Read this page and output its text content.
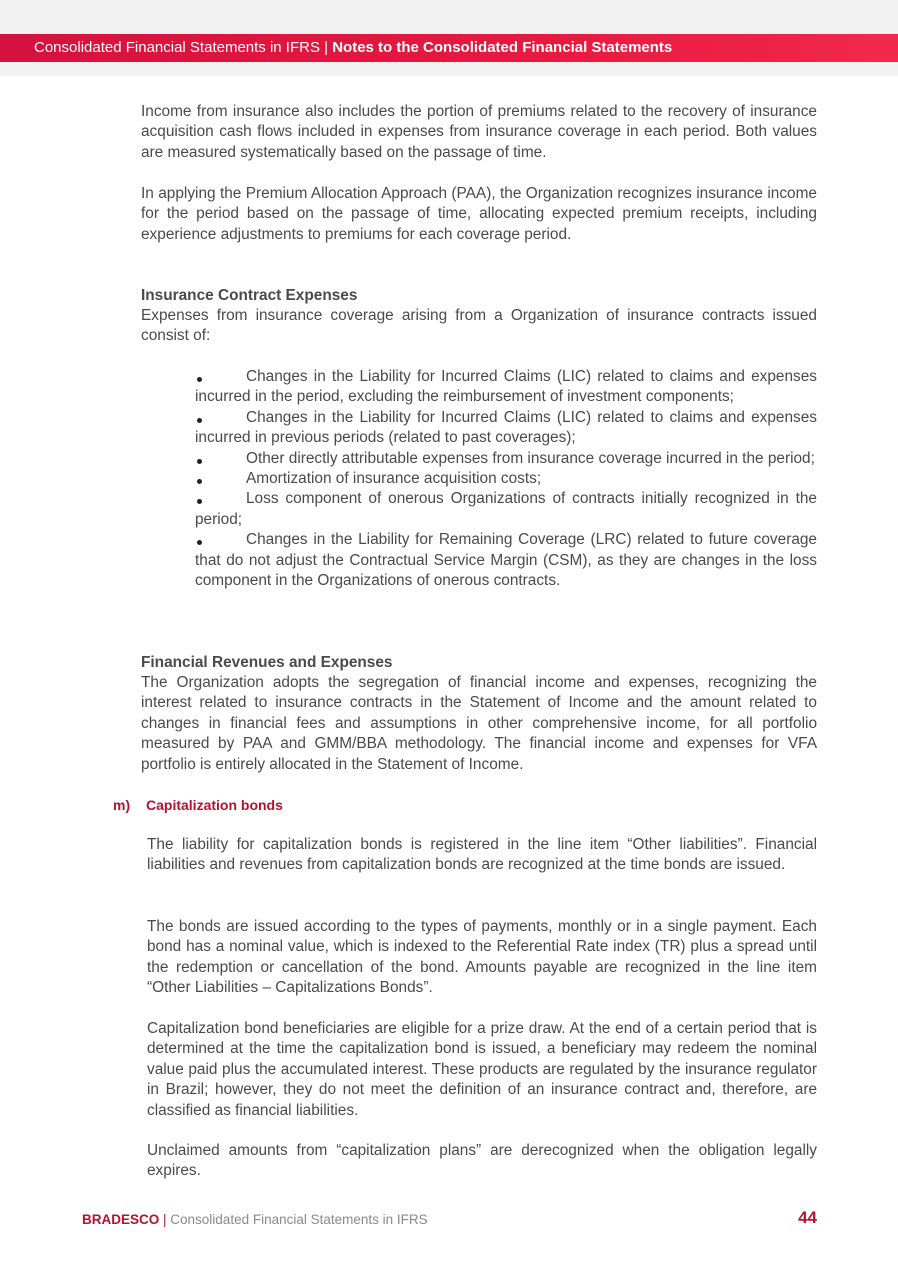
Consolidated Financial Statements in IFRS | Notes to the Consolidated Financial Statements

Income from insurance also includes the portion of premiums related to the recovery of insurance acquisition cash flows included in expenses from insurance coverage in each period. Both values are measured systematically based on the passage of time.

In applying the Premium Allocation Approach (PAA), the Organization recognizes insurance income for the period based on the passage of time, allocating expected premium receipts, including experience adjustments to premiums for each coverage period.

Insurance Contract Expenses

Expenses from insurance coverage arising from a Organization of insurance contracts issued consist of:

Changes in the Liability for Incurred Claims (LIC) related to claims and expenses incurred in the period, excluding the reimbursement of investment components;
Changes in the Liability for Incurred Claims (LIC) related to claims and expenses incurred in previous periods (related to past coverages);
Other directly attributable expenses from insurance coverage incurred in the period;
Amortization of insurance acquisition costs;
Loss component of onerous Organizations of contracts initially recognized in the period;
Changes in the Liability for Remaining Coverage (LRC) related to future coverage that do not adjust the Contractual Service Margin (CSM), as they are changes in the loss component in the Organizations of onerous contracts.
Financial Revenues and Expenses

The Organization adopts the segregation of financial income and expenses, recognizing the interest related to insurance contracts in the Statement of Income and the amount related to changes in financial fees and assumptions in other comprehensive income, for all portfolio measured by PAA and GMM/BBA methodology. The financial income and expenses for VFA portfolio is entirely allocated in the Statement of Income.

m) Capitalization bonds

The liability for capitalization bonds is registered in the line item “Other liabilities”. Financial liabilities and revenues from capitalization bonds are recognized at the time bonds are issued.

The bonds are issued according to the types of payments, monthly or in a single payment. Each bond has a nominal value, which is indexed to the Referential Rate index (TR) plus a spread until the redemption or cancellation of the bond. Amounts payable are recognized in the line item “Other Liabilities – Capitalizations Bonds”.

Capitalization bond beneficiaries are eligible for a prize draw. At the end of a certain period that is determined at the time the capitalization bond is issued, a beneficiary may redeem the nominal value paid plus the accumulated interest. These products are regulated by the insurance regulator in Brazil; however, they do not meet the definition of an insurance contract and, therefore, are classified as financial liabilities.

Unclaimed amounts from “capitalization plans” are derecognized when the obligation legally expires.

BRADESCO | Consolidated Financial Statements in IFRS	44
